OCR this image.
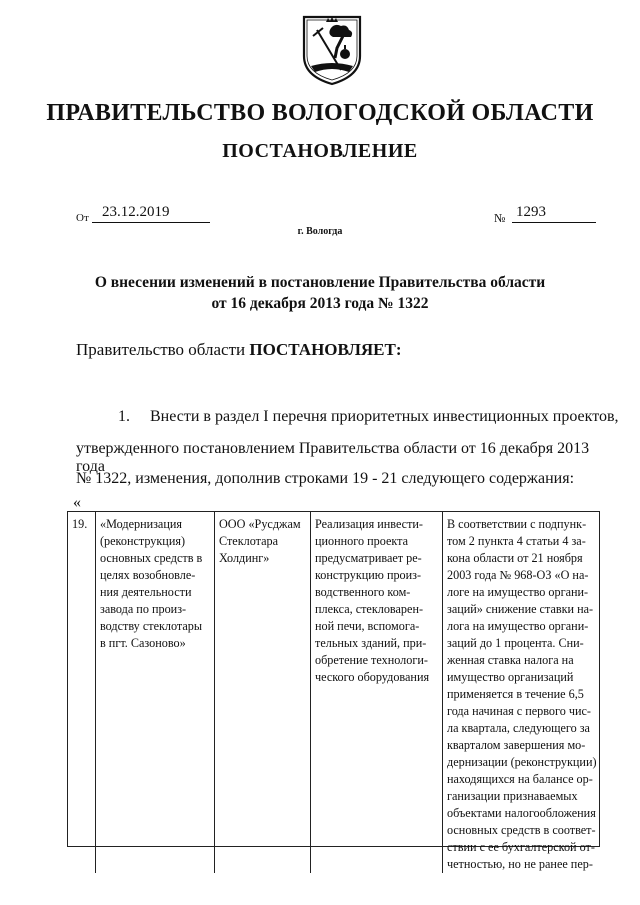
ПРАВИТЕЛЬСТВО ВОЛОГОДСКОЙ ОБЛАСТИ
ПОСТАНОВЛЕНИЕ
От 23.12.2019	№ 1293
г. Вологда
О внесении изменений в постановление Правительства области
от 16 декабря 2013 года № 1322
Правительство области ПОСТАНОВЛЯЕТ:
1.     Внести в раздел I перечня приоритетных инвестиционных проектов,
утвержденного постановлением Правительства области от 16 декабря 2013 года
№ 1322, изменения, дополнив строками 19 - 21 следующего содержания:
«
19.	«Модернизация
(реконструкция)
основных средств в
целях возобновле-
ния деятельности
завода по произ-
водству стеклотары
в пгт. Сазоново»
ООО «Русджам
Стеклотара
Холдинг»
Реализация инвести-
ционного проекта
предусматривает ре-
конструкцию произ-
водственного ком-
плекса, стекловарен-
ной печи, вспомога-
тельных зданий, при-
обретение технологи-
ческого оборудования
В соответствии с подпунк-
том 2 пункта 4 статьи 4 за-
кона области от 21 ноября
2003 года № 968-ОЗ «О на-
логе на имущество органи-
заций» снижение ставки на-
лога на имущество органи-
заций до 1 процента. Сни-
женная ставка налога на
имущество организаций
применяется в течение 6,5
года начиная с первого чис-
ла квартала, следующего за
кварталом завершения мо-
дернизации (реконструкции)
находящихся на балансе ор-
ганизации признаваемых
объектами налогообложения
основных средств в соответ-
ствии с ее бухгалтерской от-
четностью, но не ранее пер-
